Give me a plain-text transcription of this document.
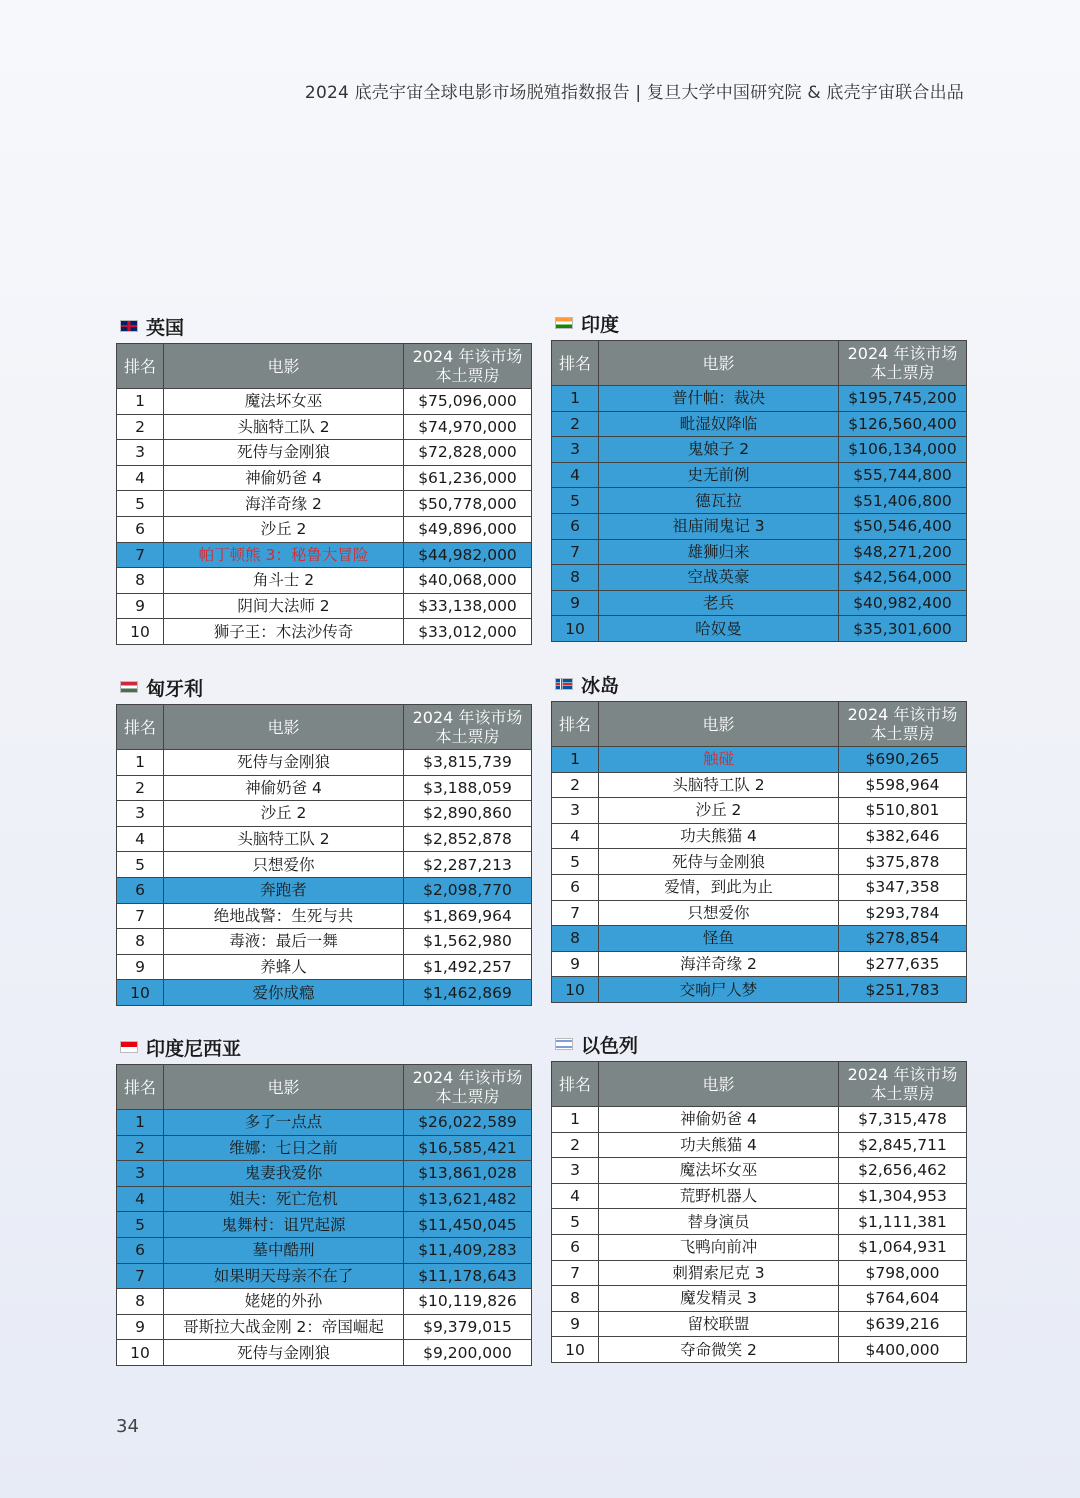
2024 底壳宇宙全球电影市场脱殖指数报告 | 复旦大学中国研究院 & 底壳宇宙联合出品
英国
排名	电影	2024 年该市场
本土票房

1	魔法坏女巫	$75,096,000
2	头脑特工队 2	$74,970,000
3	死侍与金刚狼	$72,828,000
4	神偷奶爸 4	$61,236,000
5	海洋奇缘 2	$50,778,000
6	沙丘 2	$49,896,000
7	帕丁顿熊 3：秘鲁大冒险	$44,982,000
8	角斗士 2	$40,068,000
9	阴间大法师 2	$33,138,000
10	狮子王：木法沙传奇	$33,012,000
印度
排名	电影	2024 年该市场
本土票房

1	普什帕：裁决	$195,745,200
2	毗湿奴降临	$126,560,400
3	鬼娘子 2	$106,134,000
4	史无前例	$55,744,800
5	德瓦拉	$51,406,800
6	祖庙闹鬼记 3	$50,546,400
7	雄狮归来	$48,271,200
8	空战英豪	$42,564,000
9	老兵	$40,982,400
10	哈奴曼	$35,301,600
匈牙利
排名	电影	2024 年该市场
本土票房

1	死侍与金刚狼	$3,815,739
2	神偷奶爸 4	$3,188,059
3	沙丘 2	$2,890,860
4	头脑特工队 2	$2,852,878
5	只想爱你	$2,287,213
6	奔跑者	$2,098,770
7	绝地战警：生死与共	$1,869,964
8	毒液：最后一舞	$1,562,980
9	养蜂人	$1,492,257
10	爱你成瘾	$1,462,869
冰岛
排名	电影	2024 年该市场
本土票房

1	触碰	$690,265
2	头脑特工队 2	$598,964
3	沙丘 2	$510,801
4	功夫熊猫 4	$382,646
5	死侍与金刚狼	$375,878
6	爱情，到此为止	$347,358
7	只想爱你	$293,784
8	怪鱼	$278,854
9	海洋奇缘 2	$277,635
10	交响尸人梦	$251,783
印度尼西亚
排名	电影	2024 年该市场
本土票房

1	多了一点点	$26,022,589
2	维娜：七日之前	$16,585,421
3	鬼妻我爱你	$13,861,028
4	姐夫：死亡危机	$13,621,482
5	鬼舞村：诅咒起源	$11,450,045
6	墓中酷刑	$11,409,283
7	如果明天母亲不在了	$11,178,643
8	姥姥的外孙	$10,119,826
9	哥斯拉大战金刚 2：帝国崛起	$9,379,015
10	死侍与金刚狼	$9,200,000
以色列
排名	电影	2024 年该市场
本土票房

1	神偷奶爸 4	$7,315,478
2	功夫熊猫 4	$2,845,711
3	魔法坏女巫	$2,656,462
4	荒野机器人	$1,304,953
5	替身演员	$1,111,381
6	飞鸭向前冲	$1,064,931
7	刺猬索尼克 3	$798,000
8	魔发精灵 3	$764,604
9	留校联盟	$639,216
10	夺命微笑 2	$400,000
34
